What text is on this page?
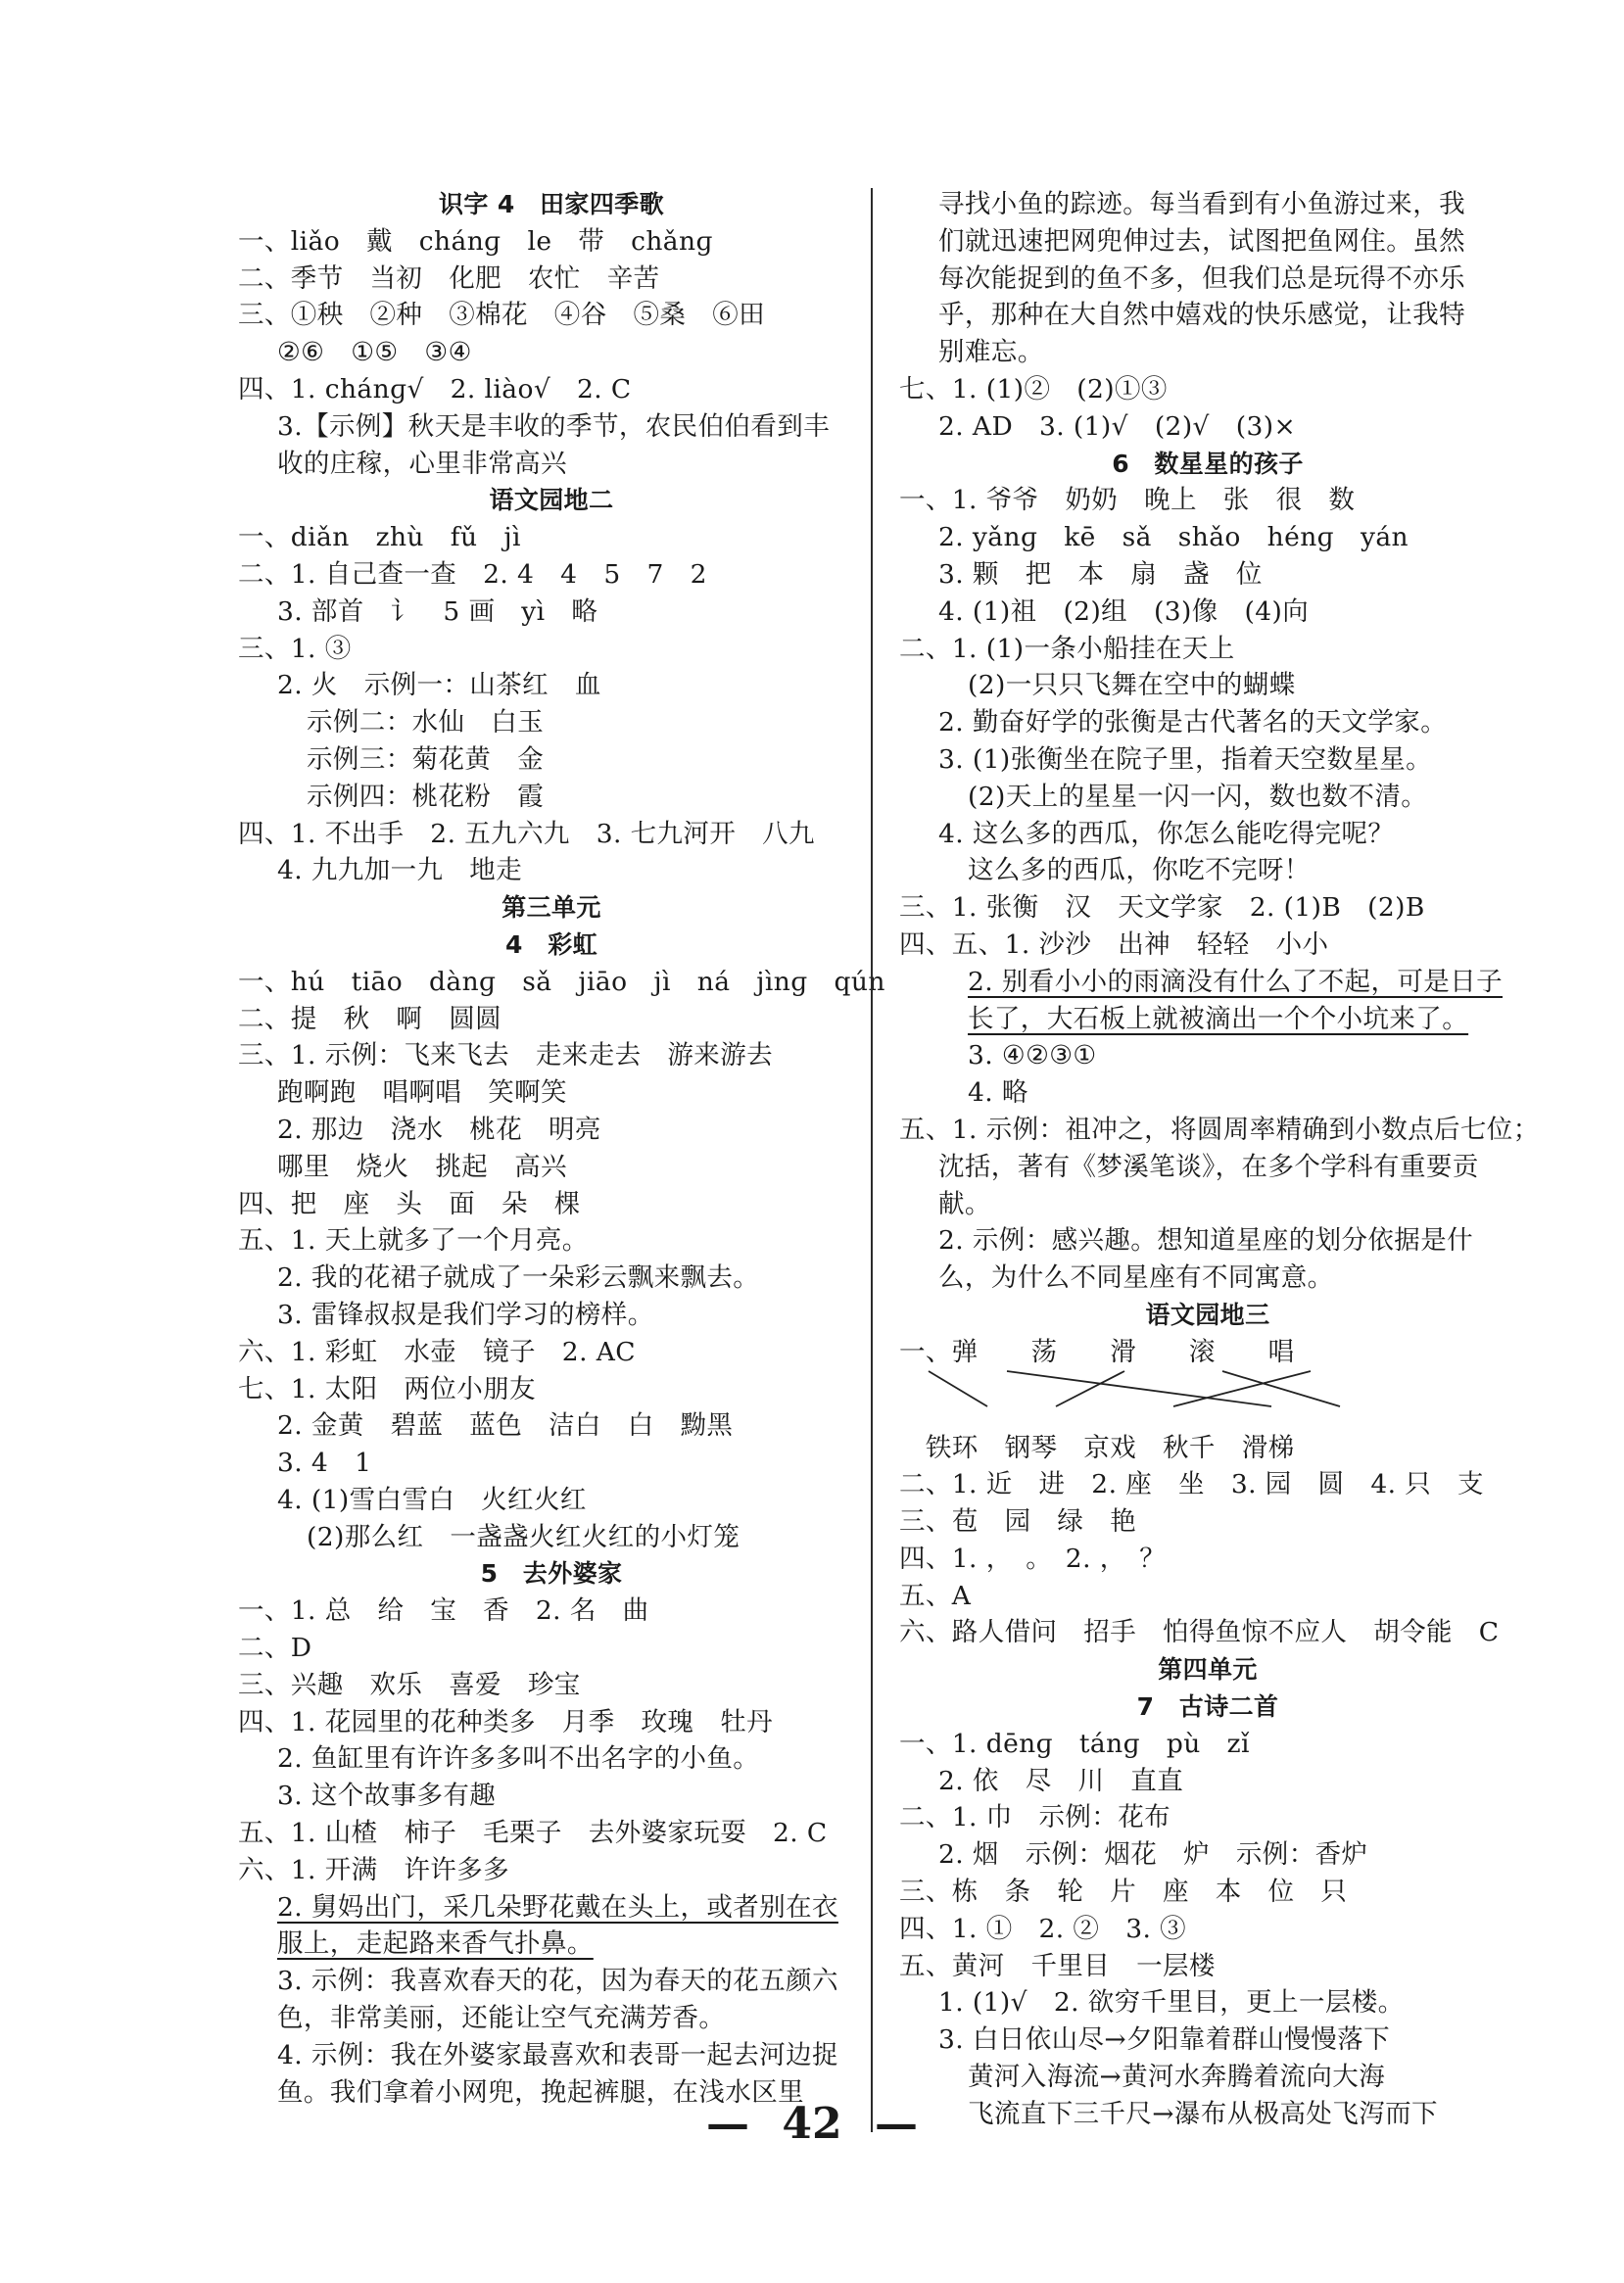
识字 4　田家四季歌
一、liǎo　戴　chánɡ　le　带　chǎnɡ
二、季节　当初　化肥　农忙　辛苦
三、①秧　②种　③棉花　④谷　⑤桑　⑥田
②⑥　①⑤　③④
四、1. chánɡ√　2. liào√　2. C
3.【示例】秋天是丰收的季节，农民伯伯看到丰
收的庄稼，心里非常高兴
语文园地二
一、diǎn　zhù　fǔ　jì
二、1. 自己查一查　2. 4　4　5　7　2
3. 部首　讠　5 画　yì　略
三、1. ③
2. 火　示例一：山茶红　血
示例二：水仙　白玉
示例三：菊花黄　金
示例四：桃花粉　霞
四、1. 不出手　2. 五九六九　3. 七九河开　八九
4. 九九加一九　地走
第三单元
4　彩虹
一、hú　tiāo　dànɡ　sǎ　jiāo　jì　ná　jìnɡ　qún
二、提　秋　啊　圆圆
三、1. 示例：飞来飞去　走来走去　游来游去
跑啊跑　唱啊唱　笑啊笑
2. 那边　浇水　桃花　明亮
哪里　烧火　挑起　高兴
四、把　座　头　面　朵　棵
五、1. 天上就多了一个月亮。
2. 我的花裙子就成了一朵彩云飘来飘去。
3. 雷锋叔叔是我们学习的榜样。
六、1. 彩虹　水壶　镜子　2. AC
七、1. 太阳　两位小朋友
2. 金黄　碧蓝　蓝色　洁白　白　黝黑
3. 4　1
4. (1)雪白雪白　火红火红
(2)那么红　一盏盏火红火红的小灯笼
5　去外婆家
一、1. 总　给　宝　香　2. 名　曲
二、D
三、兴趣　欢乐　喜爱　珍宝
四、1. 花园里的花种类多　月季　玫瑰　牡丹
2. 鱼缸里有许许多多叫不出名字的小鱼。
3. 这个故事多有趣
五、1. 山楂　柿子　毛栗子　去外婆家玩耍　2. C
六、1. 开满　许许多多
2. 舅妈出门，采几朵野花戴在头上，或者别在衣
服上，走起路来香气扑鼻。
3. 示例：我喜欢春天的花，因为春天的花五颜六
色，非常美丽，还能让空气充满芳香。
4. 示例：我在外婆家最喜欢和表哥一起去河边捉
鱼。我们拿着小网兜，挽起裤腿，在浅水区里
寻找小鱼的踪迹。每当看到有小鱼游过来，我
们就迅速把网兜伸过去，试图把鱼网住。虽然
每次能捉到的鱼不多，但我们总是玩得不亦乐
乎，那种在大自然中嬉戏的快乐感觉，让我特
别难忘。
七、1. (1)②　(2)①③
2. AD　3. (1)√　(2)√　(3)×
6　数星星的孩子
一、1. 爷爷　奶奶　晚上　张　很　数
2. yǎnɡ　kē　sǎ　shǎo　hénɡ　yán
3. 颗　把　本　扇　盏　位
4. (1)祖　(2)组　(3)像　(4)向
二、1. (1)一条小船挂在天上
(2)一只只飞舞在空中的蝴蝶
2. 勤奋好学的张衡是古代著名的天文学家。
3. (1)张衡坐在院子里，指着天空数星星。
(2)天上的星星一闪一闪，数也数不清。
4. 这么多的西瓜，你怎么能吃得完呢？
这么多的西瓜，你吃不完呀！
三、1. 张衡　汉　天文学家　2. (1)B　(2)B
四、五、1. 沙沙　出神　轻轻　小小
2. 别看小小的雨滴没有什么了不起，可是日子
长了，大石板上就被滴出一个个小坑来了。
3. ④②③①
4. 略
五、1. 示例：祖冲之，将圆周率精确到小数点后七位；
沈括，著有《梦溪笔谈》，在多个学科有重要贡
献。
2. 示例：感兴趣。想知道星座的划分依据是什
么，为什么不同星座有不同寓意。
语文园地三
一、弹　　荡　　滑　　滚　　唱
　铁环　钢琴　京戏　秋千　滑梯
二、1. 近　进　2. 座　坐　3. 园　圆　4. 只　支
三、苞　园　绿　艳
四、1. ，　。　2. ，　？
五、A
六、路人借问　招手　怕得鱼惊不应人　胡令能　C
第四单元
7　古诗二首
一、1. dēnɡ　tánɡ　pù　zǐ
2. 依　尽　川　直直
二、1. 巾　示例：花布
2. 烟　示例：烟花　炉　示例：香炉
三、栋　条　轮　片　座　本　位　只
四、1. ①　2. ②　3. ③
五、黄河　千里目　一层楼
1. (1)√　2. 欲穷千里目，更上一层楼。
3. 白日依山尽→夕阳靠着群山慢慢落下
黄河入海流→黄河水奔腾着流向大海
飞流直下三千尺→瀑布从极高处飞泻而下
— 42 —
